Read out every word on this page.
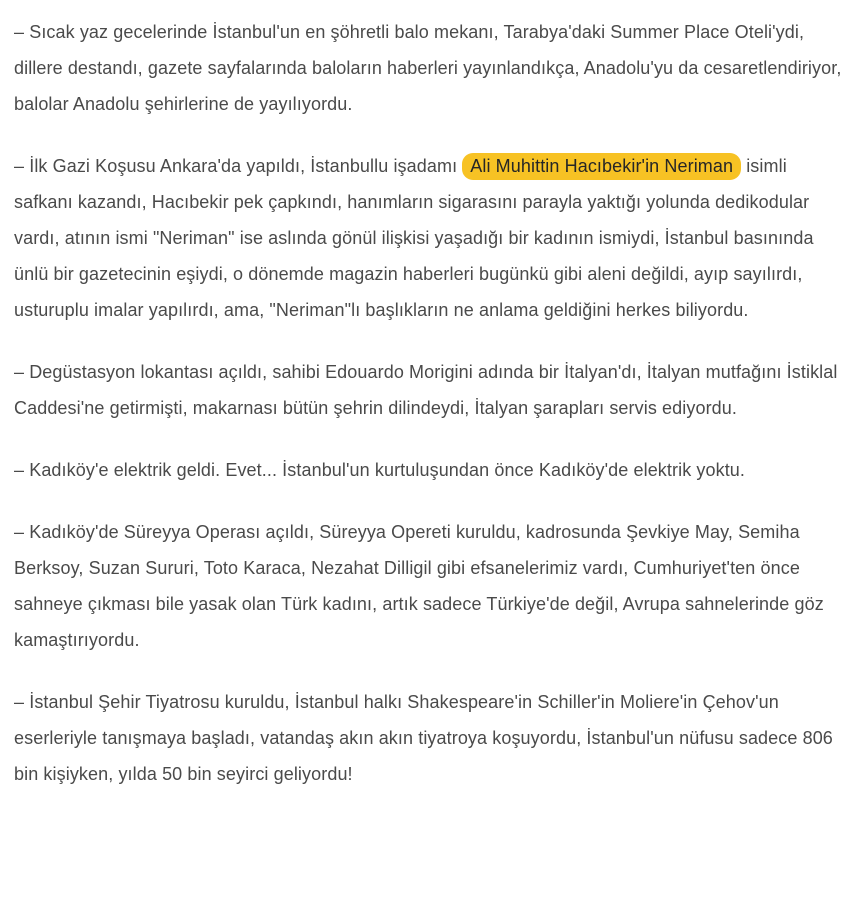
– Sıcak yaz gecelerinde İstanbul'un en şöhretli balo mekanı, Tarabya'daki Summer Place Oteli'ydi, dillere destandı, gazete sayfalarında baloların haberleri yayınlandıkça, Anadolu'yu da cesaretlendiriyor, balolar Anadolu şehirlerine de yayılıyordu.

– İlk Gazi Koşusu Ankara'da yapıldı, İstanbullu işadamı Ali Muhittin Hacıbekir'in Neriman isimli safkanı kazandı, Hacıbekir pek çapkındı, hanımların sigarasını parayla yaktığı yolunda dedikodular vardı, atının ismi "Neriman" ise aslında gönül ilişkisi yaşadığı bir kadının ismiydi, İstanbul basınında ünlü bir gazetecinin eşiydi, o dönemde magazin haberleri bugünkü gibi aleni değildi, ayıp sayılırdı, usturuplu imalar yapılırdı, ama, "Neriman"lı başlıkların ne anlama geldiğini herkes biliyordu.

– Degüstasyon lokantası açıldı, sahibi Edouardo Morigini adında bir İtalyan'dı, İtalyan mutfağını İstiklal Caddesi'ne getirmişti, makarnası bütün şehrin dilindeydi, İtalyan şarapları servis ediyordu.

– Kadıköy'e elektrik geldi. Evet... İstanbul'un kurtuluşundan önce Kadıköy'de elektrik yoktu.

– Kadıköy'de Süreyya Operası açıldı, Süreyya Opereti kuruldu, kadrosunda Şevkiye May, Semiha Berksoy, Suzan Sururi, Toto Karaca, Nezahat Dilligil gibi efsanelerimiz vardı, Cumhuriyet'ten önce sahneye çıkması bile yasak olan Türk kadını, artık sadece Türkiye'de değil, Avrupa sahnelerinde göz kamaştırıyordu.

– İstanbul Şehir Tiyatrosu kuruldu, İstanbul halkı Shakespeare'in Schiller'in Moliere'in Çehov'un eserleriyle tanışmaya başladı, vatandaş akın akın tiyatroya koşuyordu, İstanbul'un nüfusu sadece 806 bin kişiyken, yılda 50 bin seyirci geliyordu!
